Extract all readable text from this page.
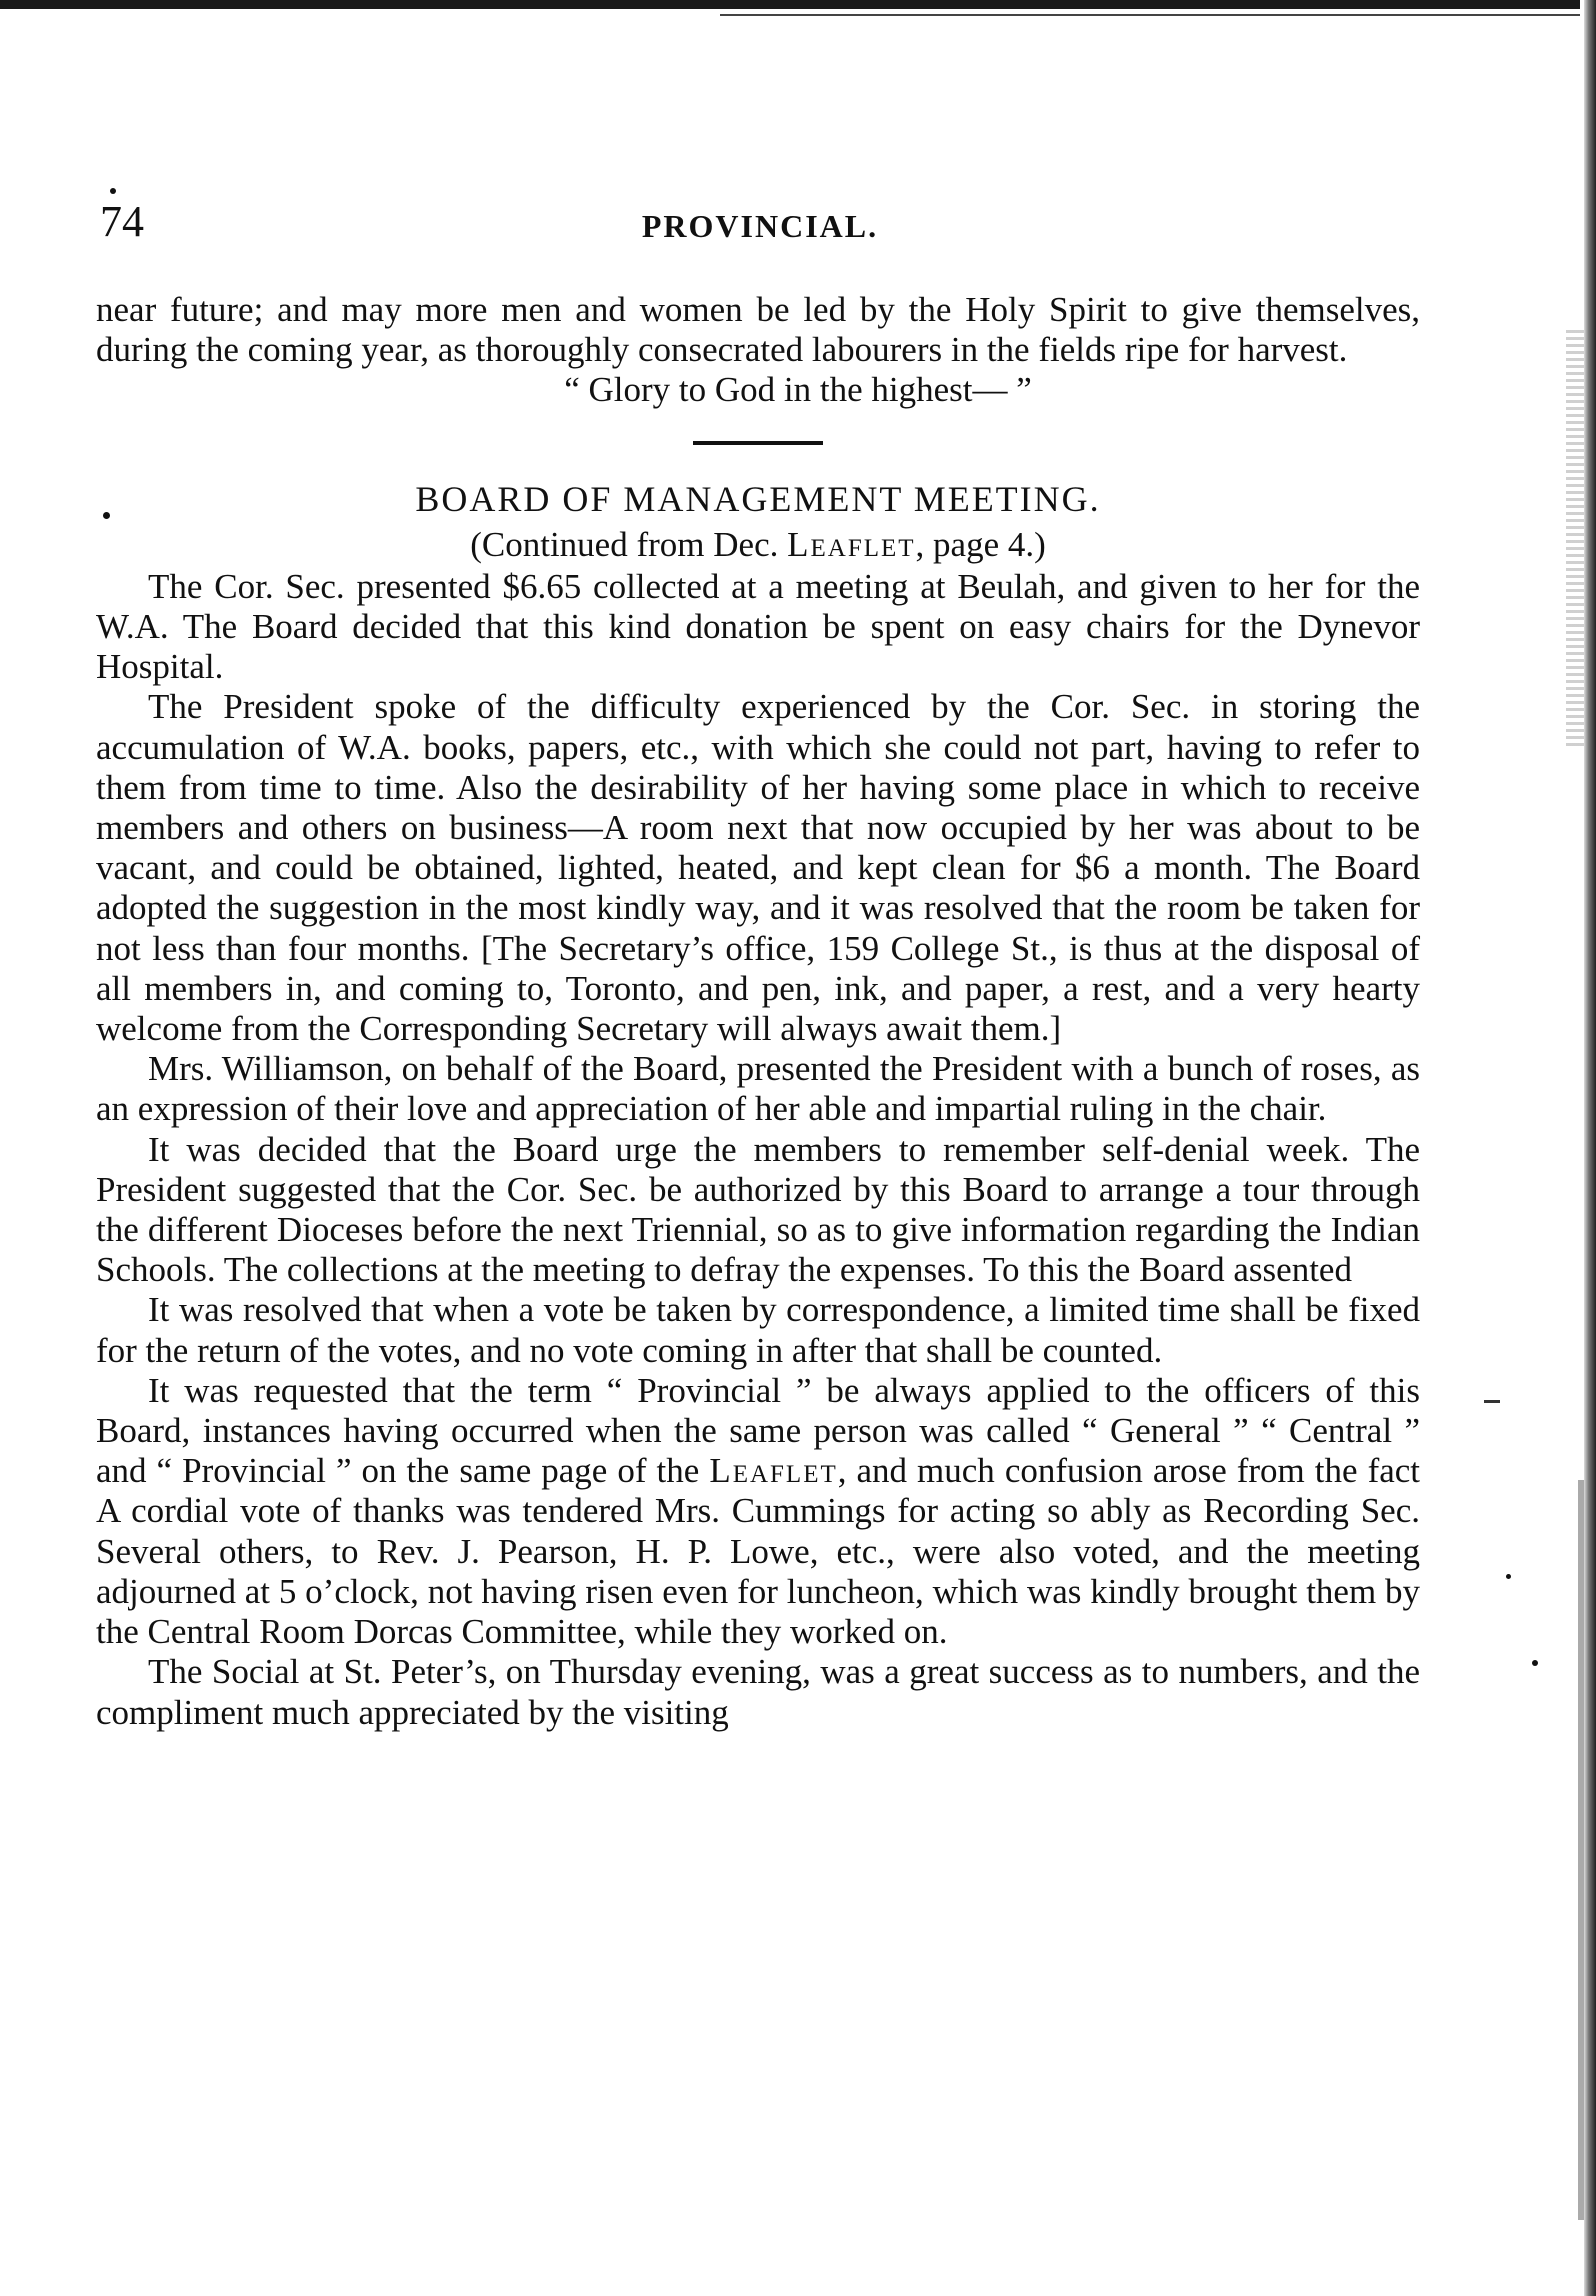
74	PROVINCIAL.

near future; and may more men and women be led by the Holy Spirit to give themselves, during the coming year, as thoroughly consecrated labourers in the fields ripe for harvest.

“ Glory to God in the highest— ”

BOARD OF MANAGEMENT MEETING.

(Continued from Dec. Leaflet, page 4.)

The Cor. Sec. presented $6.65 collected at a meeting at Beulah, and given to her for the W.A. The Board decided that this kind donation be spent on easy chairs for the Dynevor Hospital.

The President spoke of the difficulty experienced by the Cor. Sec. in storing the accumulation of W.A. books, papers, etc., with which she could not part, having to refer to them from time to time. Also the desirability of her having some place in which to receive members and others on business—A room next that now occupied by her was about to be vacant, and could be obtained, lighted, heated, and kept clean for $6 a month. The Board adopted the suggestion in the most kindly way, and it was resolved that the room be taken for not less than four months. [The Secretary’s office, 159 College St., is thus at the disposal of all members in, and coming to, Toronto, and pen, ink, and paper, a rest, and a very hearty welcome from the Corresponding Secretary will always await them.]

Mrs. Williamson, on behalf of the Board, presented the President with a bunch of roses, as an expression of their love and appreciation of her able and impartial ruling in the chair.

It was decided that the Board urge the members to remember self-denial week. The President suggested that the Cor. Sec. be authorized by this Board to arrange a tour through the different Dioceses before the next Triennial, so as to give information regarding the Indian Schools. The collections at the meeting to defray the expenses. To this the Board assented

It was resolved that when a vote be taken by correspondence, a limited time shall be fixed for the return of the votes, and no vote coming in after that shall be counted.

It was requested that the term “ Provincial ” be always applied to the officers of this Board, instances having occurred when the same person was called “ General ” “ Central ” and “ Provincial ” on the same page of the Leaflet, and much confusion arose from the fact A cordial vote of thanks was tendered Mrs. Cummings for acting so ably as Recording Sec. Several others, to Rev. J. Pearson, H. P. Lowe, etc., were also voted, and the meeting adjourned at 5 o’clock, not having risen even for luncheon, which was kindly brought them by the Central Room Dorcas Committee, while they worked on.

The Social at St. Peter’s, on Thursday evening, was a great success as to numbers, and the compliment much appreciated by the visiting
